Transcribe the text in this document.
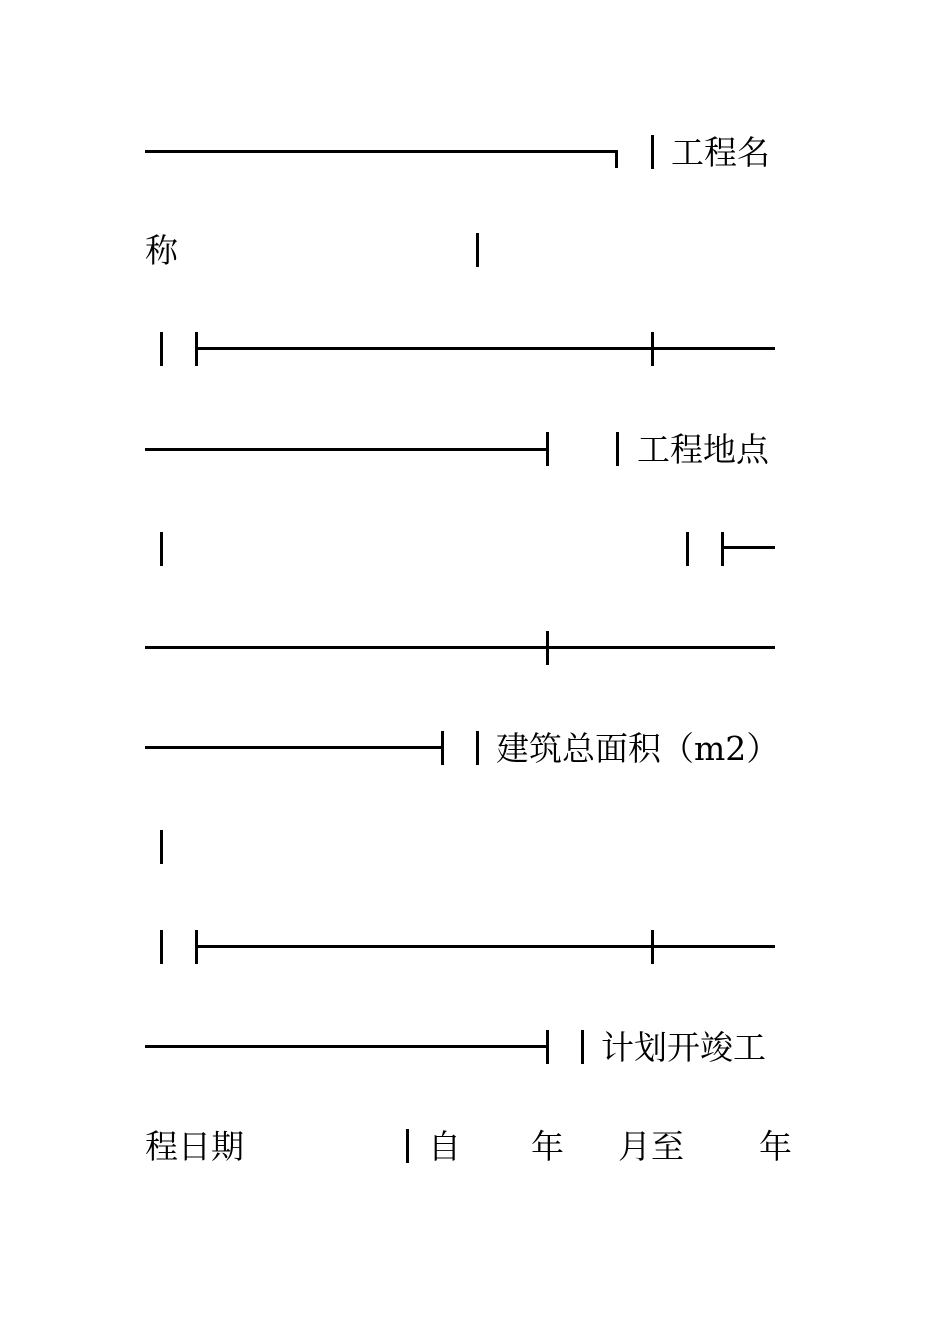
工程名
称
工程地点
建筑总面积（m2）
计划开竣工
程日期	自 年 月至 年
